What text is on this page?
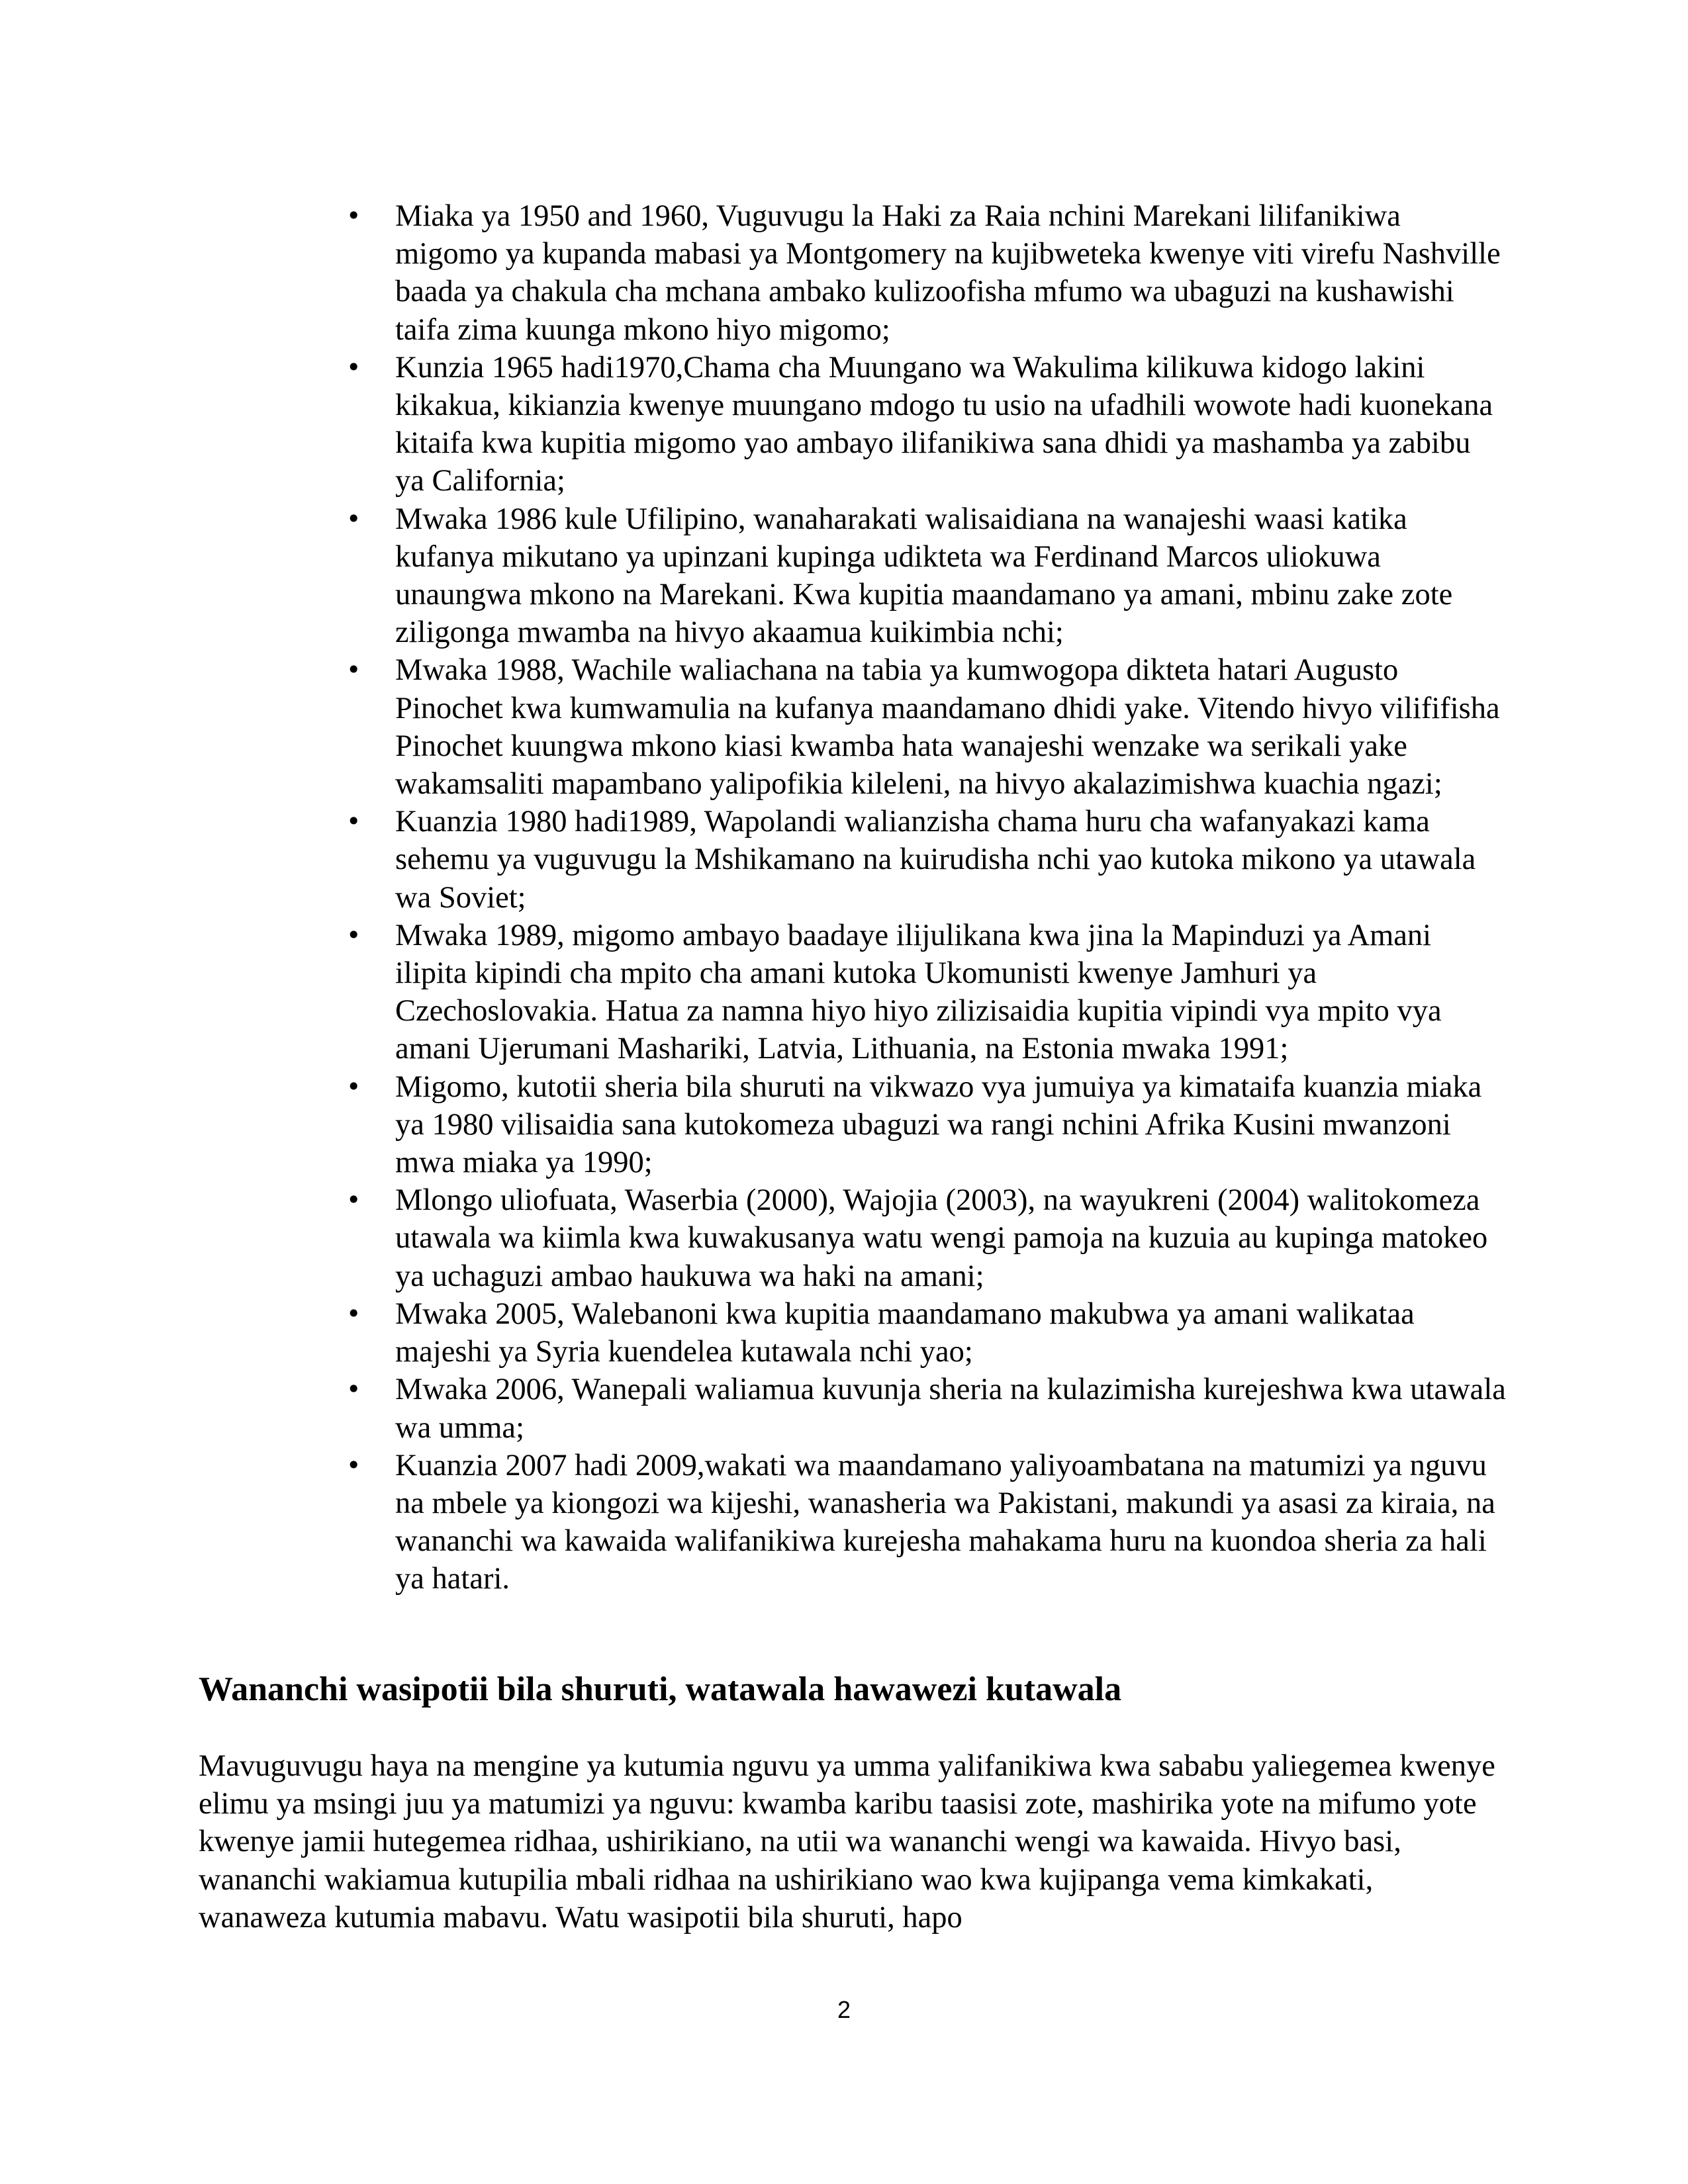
• Miaka ya 1950 and 1960, Vuguvugu la Haki za Raia nchini Marekani lilifanikiwa migomo ya kupanda mabasi ya Montgomery na kujibweteka kwenye viti virefu Nashville baada ya chakula cha mchana ambako kulizoofisha mfumo wa ubaguzi na kushawishi taifa zima kuunga mkono hiyo migomo;
• Kunzia 1965 hadi1970,Chama cha Muungano wa Wakulima kilikuwa kidogo lakini kikakua, kikianzia kwenye muungano mdogo tu usio na ufadhili wowote hadi kuonekana kitaifa kwa kupitia migomo yao ambayo ilifanikiwa sana dhidi ya mashamba ya zabibu ya California;
• Mwaka 1986 kule Ufilipino, wanaharakati walisaidiana na wanajeshi waasi katika kufanya mikutano ya upinzani kupinga udikteta wa Ferdinand Marcos uliokuwa unaungwa mkono na Marekani. Kwa kupitia maandamano ya amani, mbinu zake zote ziligonga mwamba na hivyo akaamua kuikimbia nchi;
• Mwaka 1988, Wachile waliachana na tabia ya kumwogopa dikteta hatari Augusto Pinochet kwa kumwamulia na kufanya maandamano dhidi yake. Vitendo hivyo vilififisha Pinochet kuungwa mkono kiasi kwamba hata wanajeshi wenzake wa serikali yake wakamsaliti mapambano yalipofikia kileleni, na hivyo akalazimishwa kuachia ngazi;
• Kuanzia 1980 hadi1989, Wapolandi walianzisha chama huru cha wafanyakazi kama sehemu ya vuguvugu la Mshikamano na kuirudisha nchi yao kutoka mikono ya utawala wa Soviet;
• Mwaka 1989, migomo ambayo baadaye ilijulikana kwa jina la Mapinduzi ya Amani ilipita kipindi cha mpito cha amani kutoka Ukomunisti kwenye Jamhuri ya Czechoslovakia. Hatua za namna hiyo hiyo zilizisaidia kupitia vipindi vya mpito vya amani Ujerumani Mashariki, Latvia, Lithuania, na Estonia mwaka 1991;
• Migomo, kutotii sheria bila shuruti na vikwazo vya jumuiya ya kimataifa kuanzia miaka ya 1980 vilisaidia sana kutokomeza ubaguzi wa rangi nchini Afrika Kusini mwanzoni mwa miaka ya 1990;
• Mlongo uliofuata, Waserbia (2000), Wajojia (2003), na wayukreni (2004) walitokomeza utawala wa kiimla kwa kuwakusanya watu wengi pamoja na kuzuia au kupinga matokeo ya uchaguzi ambao haukuwa wa haki na amani;
• Mwaka 2005, Walebanoni kwa kupitia maandamano makubwa ya amani walikataa majeshi ya Syria kuendelea kutawala nchi yao;
• Mwaka 2006, Wanepali waliamua kuvunja sheria na kulazimisha kurejeshwa kwa utawala wa umma;
• Kuanzia 2007 hadi 2009,wakati wa maandamano yaliyoambatana na matumizi ya nguvu na mbele ya kiongozi wa kijeshi, wanasheria wa Pakistani, makundi ya asasi za kiraia, na wananchi wa kawaida walifanikiwa kurejesha mahakama huru na kuondoa sheria za hali ya hatari.
Wananchi wasipotii bila shuruti, watawala hawawezi kutawala

Mavuguvugu haya na mengine ya kutumia nguvu ya umma yalifanikiwa kwa sababu yaliegemea kwenye elimu ya msingi juu ya matumizi ya nguvu: kwamba karibu taasisi zote, mashirika yote na mifumo yote kwenye jamii hutegemea ridhaa, ushirikiano, na utii wa wananchi wengi wa kawaida. Hivyo basi, wananchi wakiamua kutupilia mbali ridhaa na ushirikiano wao kwa kujipanga vema kimkakati, wanaweza kutumia mabavu. Watu wasipotii bila shuruti, hapo

2
